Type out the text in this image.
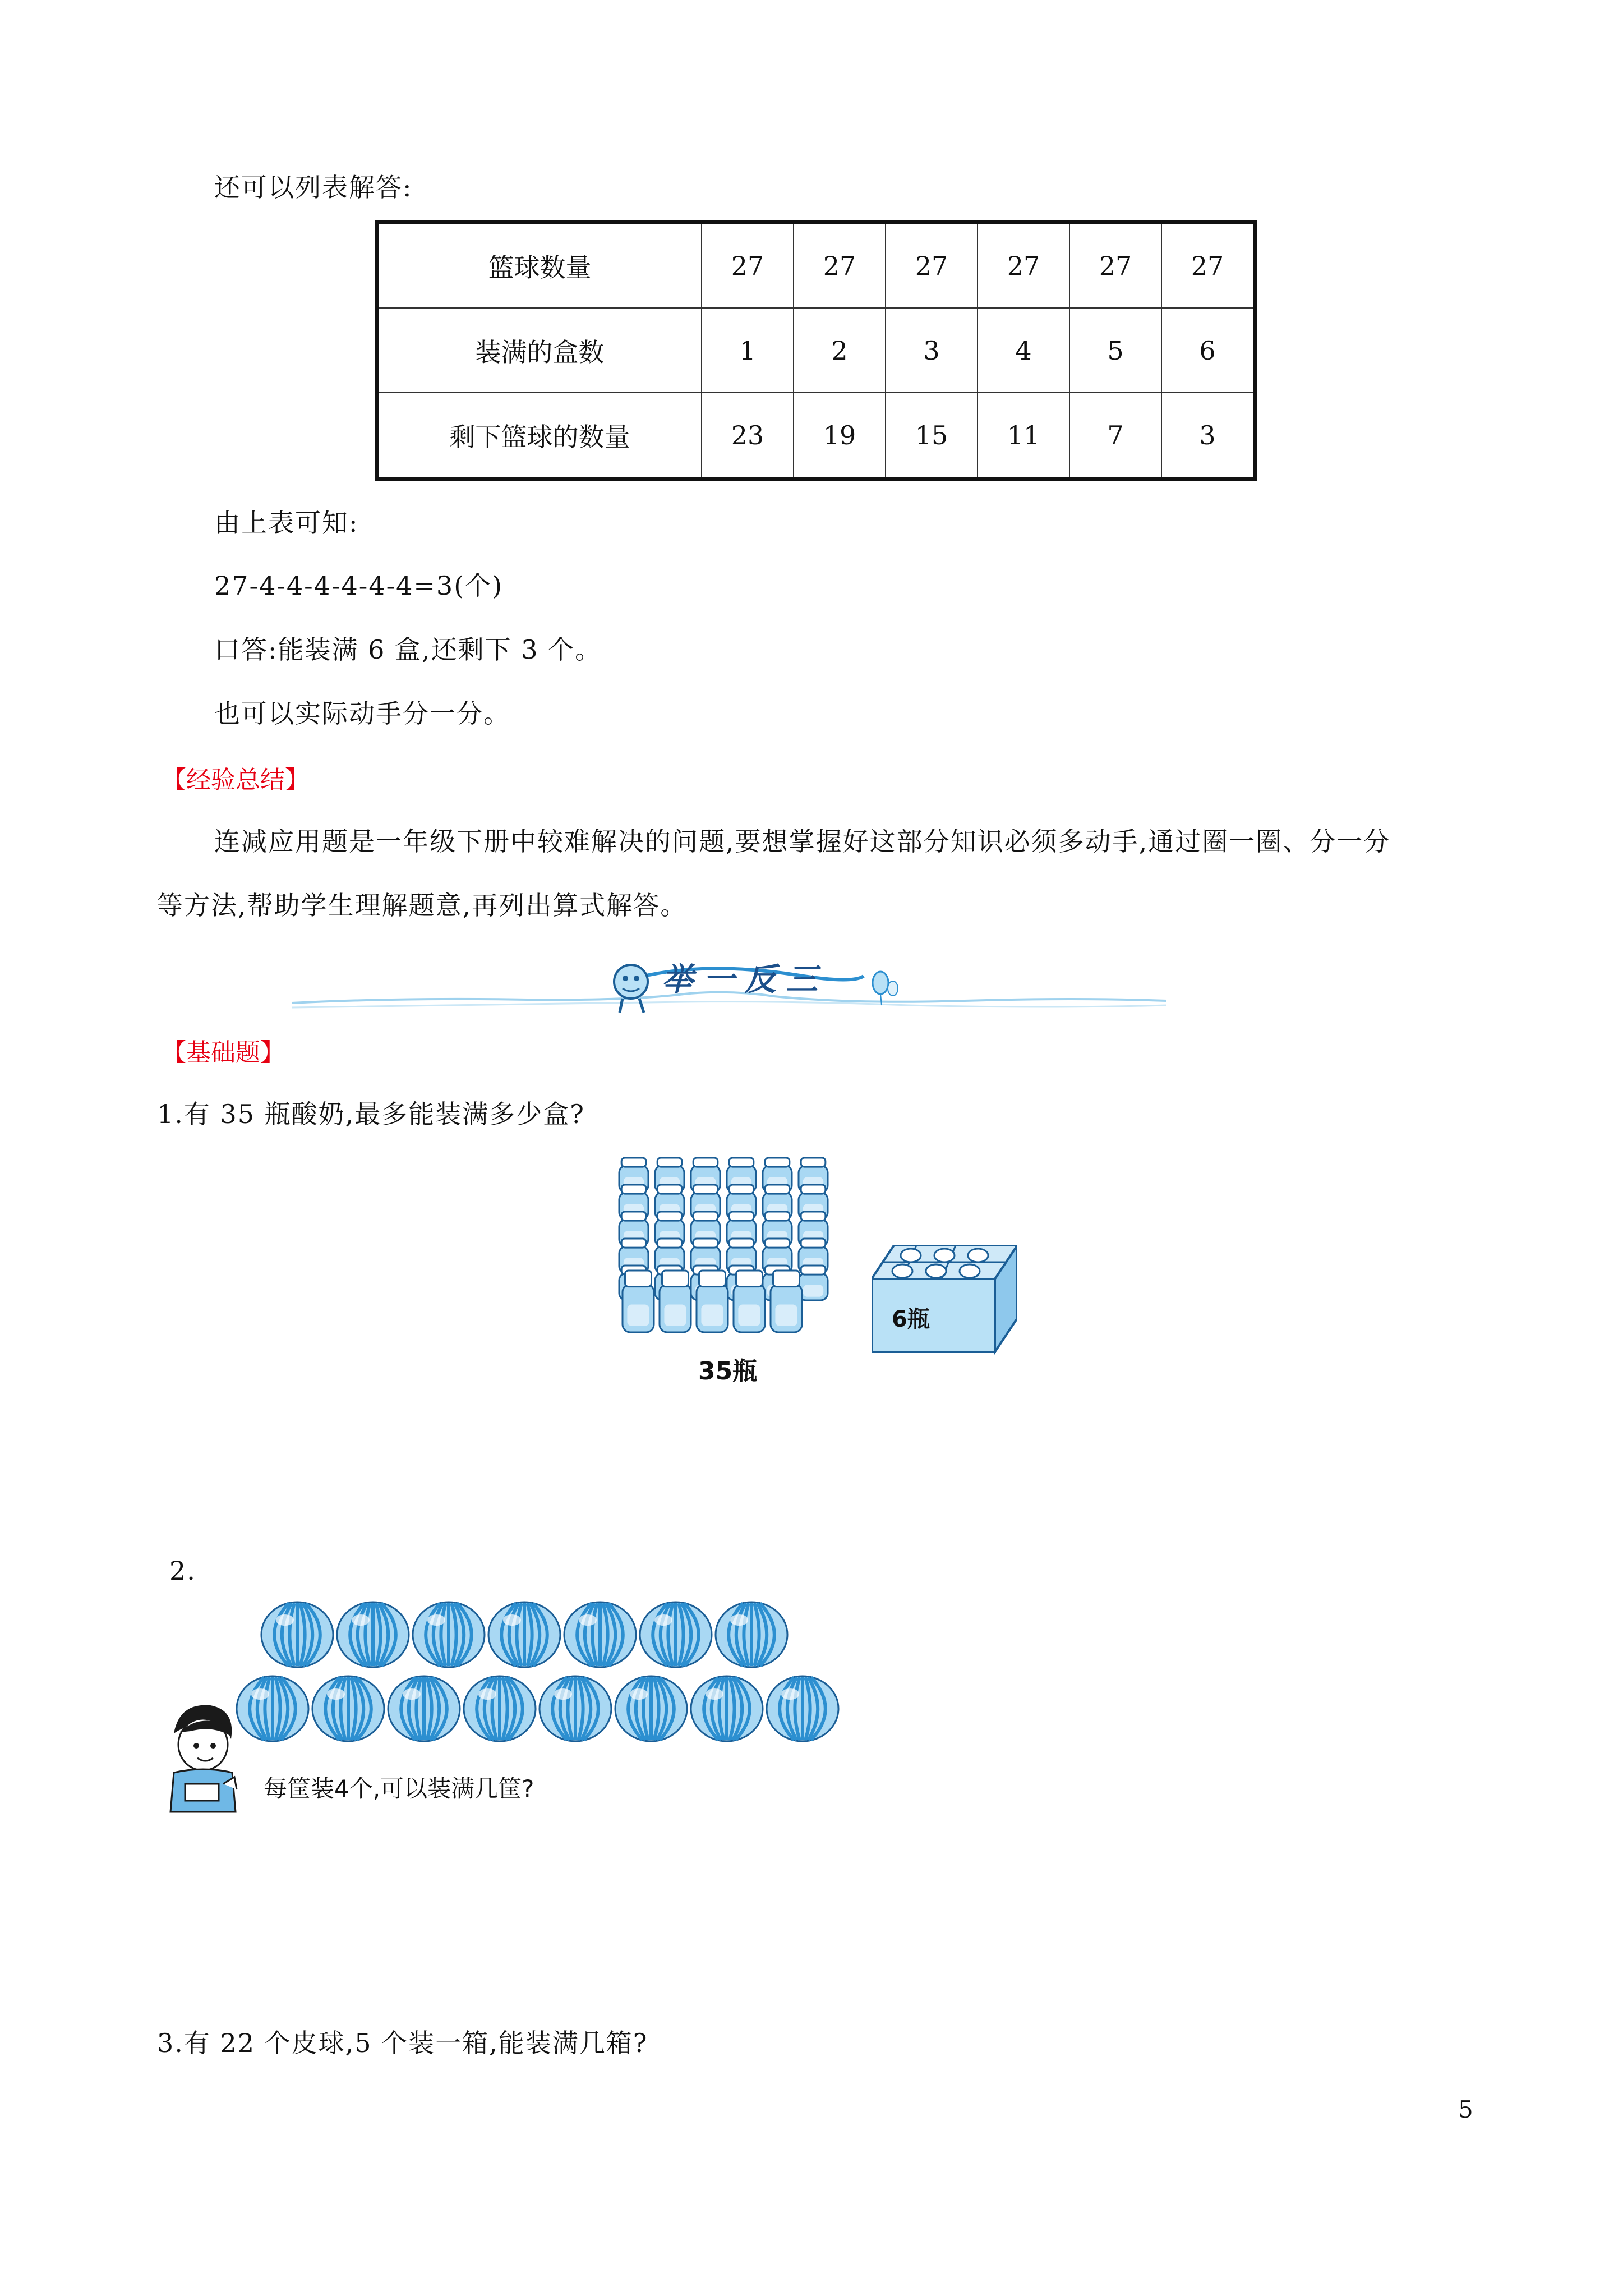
还可以列表解答:
篮球数量	27	27	27	27	27	27
装满的盒数	1	2	3	4	5	6
剩下篮球的数量	23	19	15	11	7	3
由上表可知:
27-4-4-4-4-4-4=3(个)
口答:能装满 6 盒,还剩下 3 个。
也可以实际动手分一分。
【经验总结】
连减应用题是一年级下册中较难解决的问题,要想掌握好这部分知识必须多动手,通过圈一圈、分一分
等方法,帮助学生理解题意,再列出算式解答。
举一反三
【基础题】
1.有 35 瓶酸奶,最多能装满多少盒?
35瓶
6瓶
2.
每筐装4个,可以装满几筐?
3.有 22 个皮球,5 个装一箱,能装满几箱?
5
